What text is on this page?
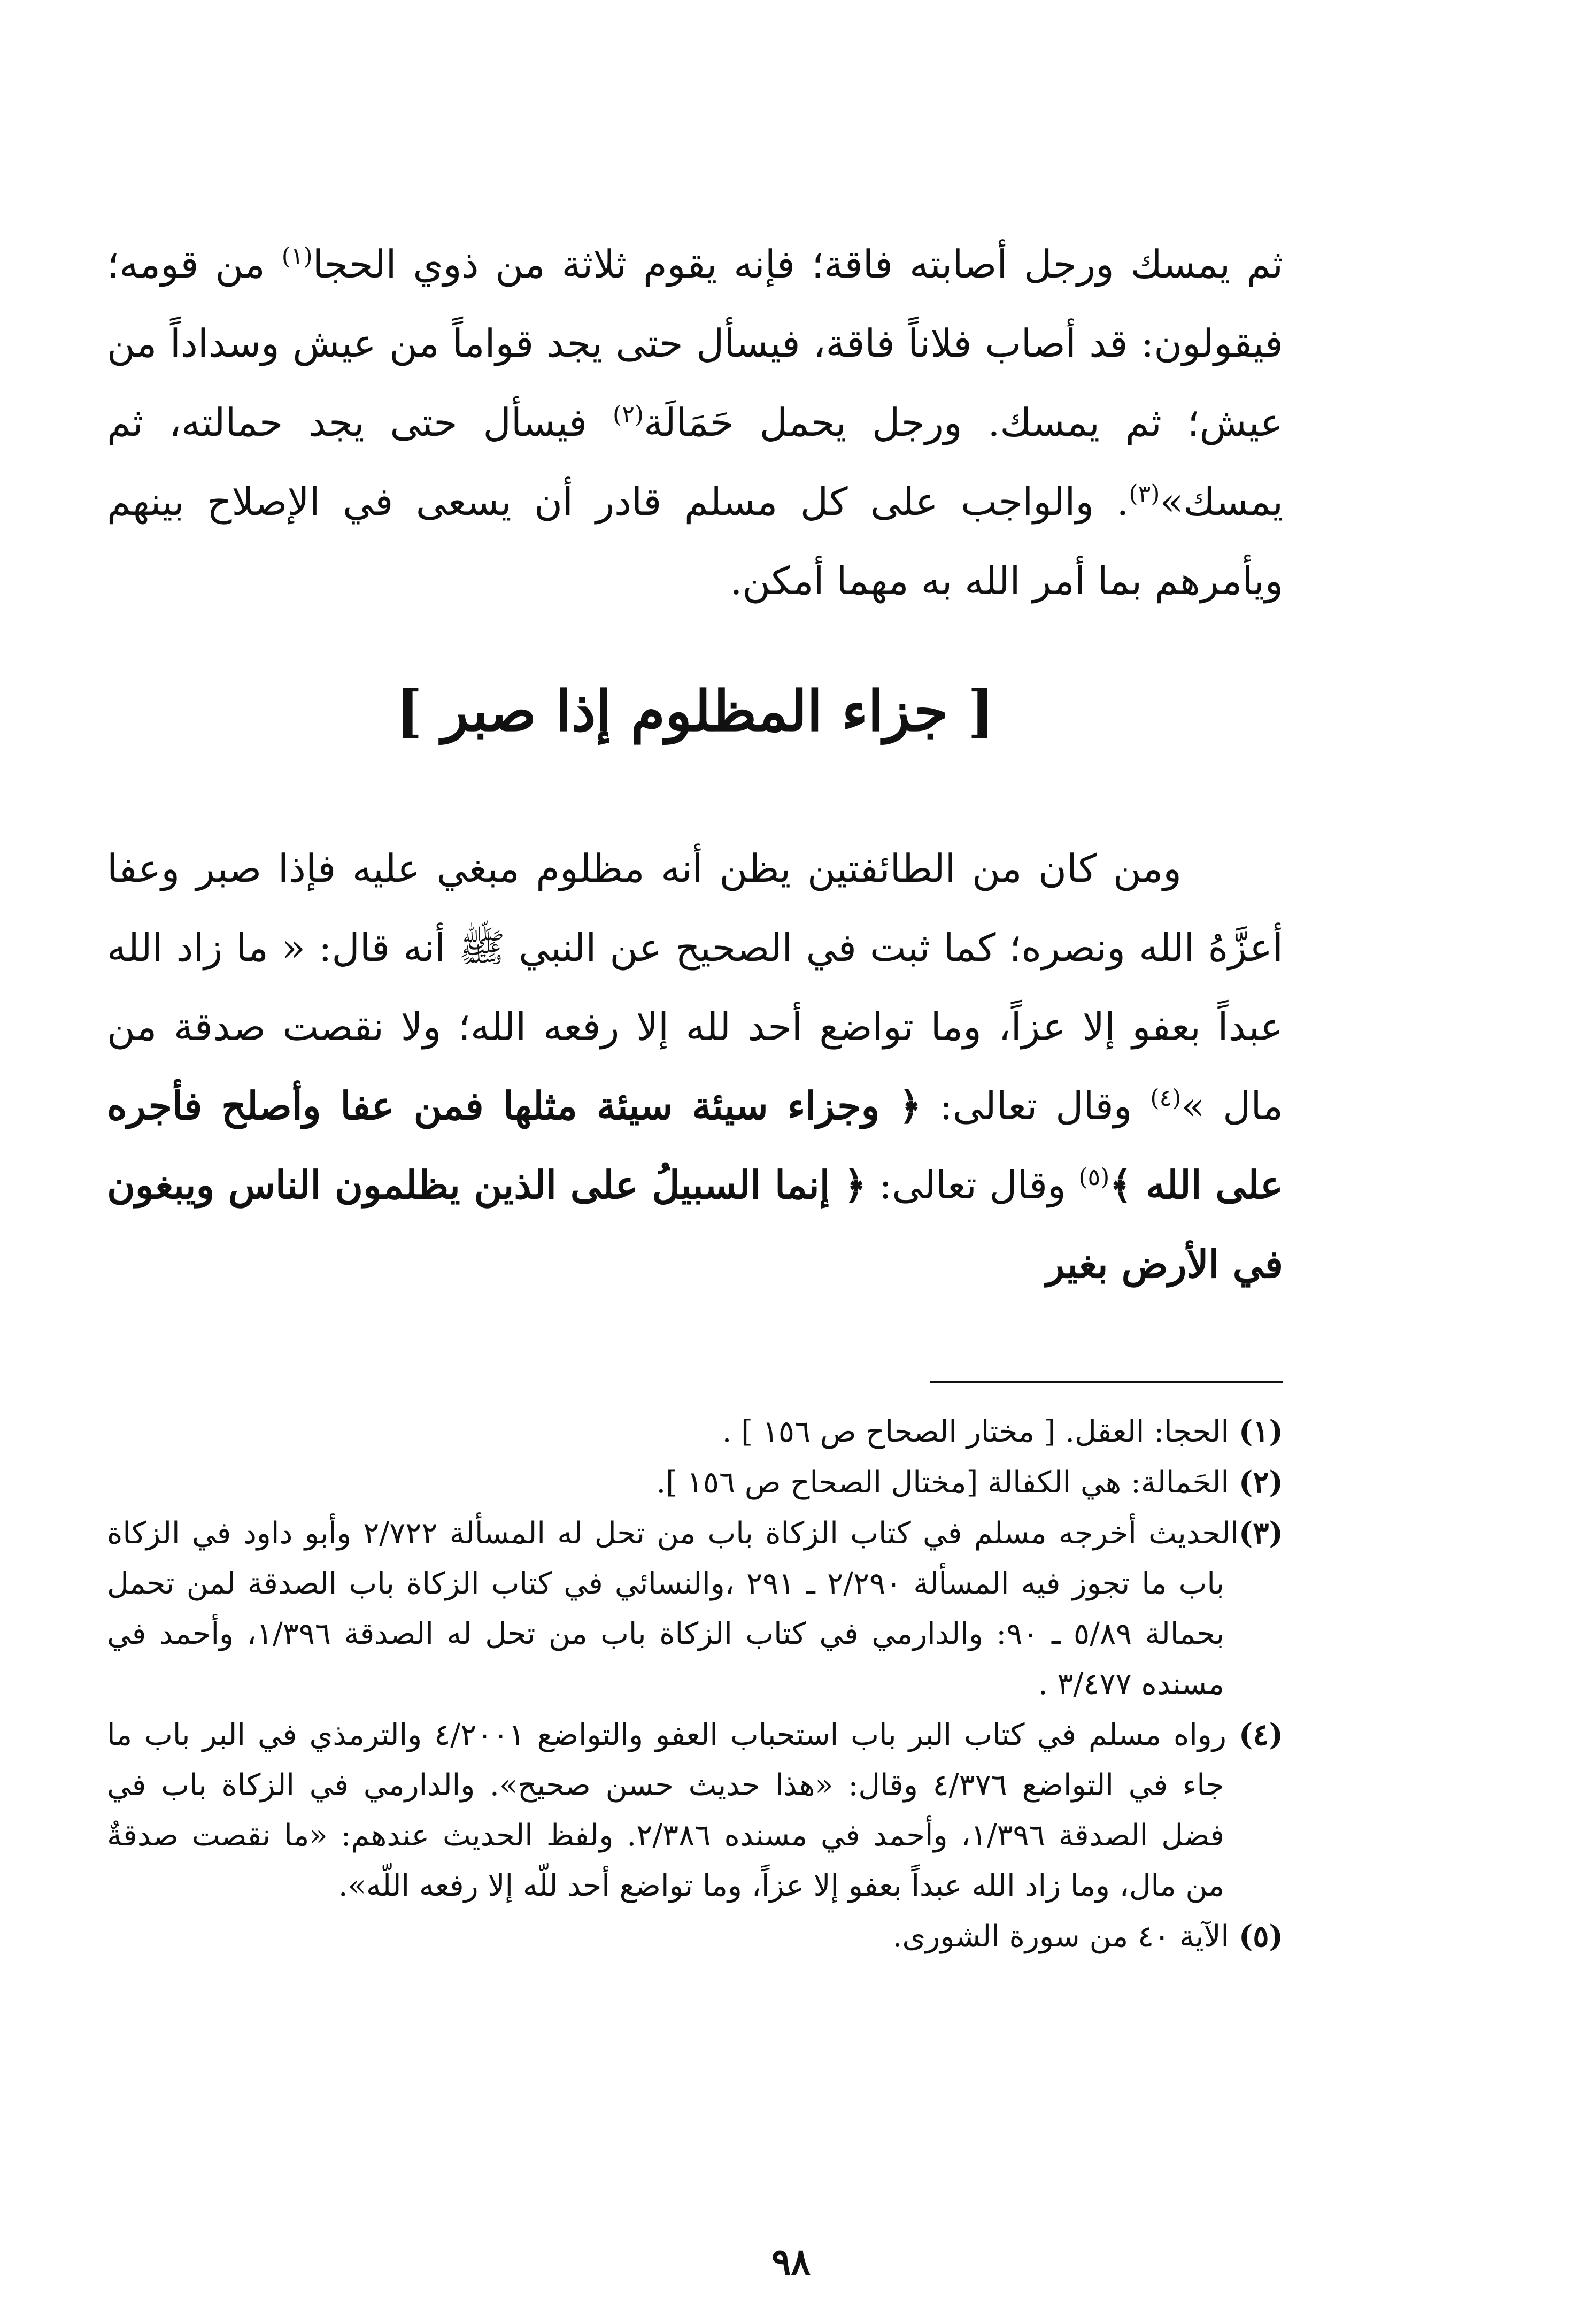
ثم يمسك ورجل أصابته فاقة؛ فإنه يقوم ثلاثة من ذوي الحجا$^{(١)}$ من قومه؛ فيقولون: قد أصاب فلاناً فاقة، فيسأل حتى يجد قواماً من عيش وسداداً من عيش؛ ثم يمسك. ورجل يحمل حَمَالَة$^{(٢)}$ فيسأل حتى يجد حمالته، ثم يمسك»$^{(٣)}$. والواجب على كل مسلم قادر أن يسعى في الإصلاح بينهم ويأمرهم بما أمر الله به مهما أمكن.

[ جزاء المظلوم إذا صبر ]

ومن كان من الطائفتين يظن أنه مظلوم مبغي عليه فإذا صبر وعفا أعزَّهُ الله ونصره؛ كما ثبت في الصحيح عن النبي ﷺ أنه قال: « ما زاد الله عبداً بعفو إلا عزاً، وما تواضع أحد لله إلا رفعه الله؛ ولا نقصت صدقة من مال »$^{(٤)}$ وقال تعالى: ﴿ وجزاء سيئة سيئة مثلها فمن عفا وأصلح فأجره على الله ﴾$^{(٥)}$ وقال تعالى: ﴿ إنما السبيلُ على الذين يظلمون الناس ويبغون في الأرض بغير

(١) الحجا: العقل. [ مختار الصحاح ص ١٥٦ ] .
(٢) الحَمالة: هي الكفالة [مختال الصحاح ص ١٥٦ ].
(٣)الحديث أخرجه مسلم في كتاب الزكاة باب من تحل له المسألة ٢/٧٢٢ وأبو داود في الزكاة باب ما تجوز فيه المسألة ٢/٢٩٠ ـ ٢٩١ ،والنسائي في كتاب الزكاة باب الصدقة لمن تحمل بحمالة ٥/٨٩ ـ ٩٠: والدارمي في كتاب الزكاة باب من تحل له الصدقة ١/٣٩٦، وأحمد في مسنده ٣/٤٧٧ .
(٤) رواه مسلم في كتاب البر باب استحباب العفو والتواضع ٤/٢٠٠١ والترمذي في البر باب ما جاء في التواضع ٤/٣٧٦ وقال: «هذا حديث حسن صحيح». والدارمي في الزكاة باب في فضل الصدقة ١/٣٩٦، وأحمد في مسنده ٢/٣٨٦. ولفظ الحديث عندهم: «ما نقصت صدقةٌ من مال، وما زاد الله عبداً بعفو إلا عزاً، وما تواضع أحد للّه إلا رفعه اللّه».
(٥) الآية ٤٠ من سورة الشورى.
٩٨
